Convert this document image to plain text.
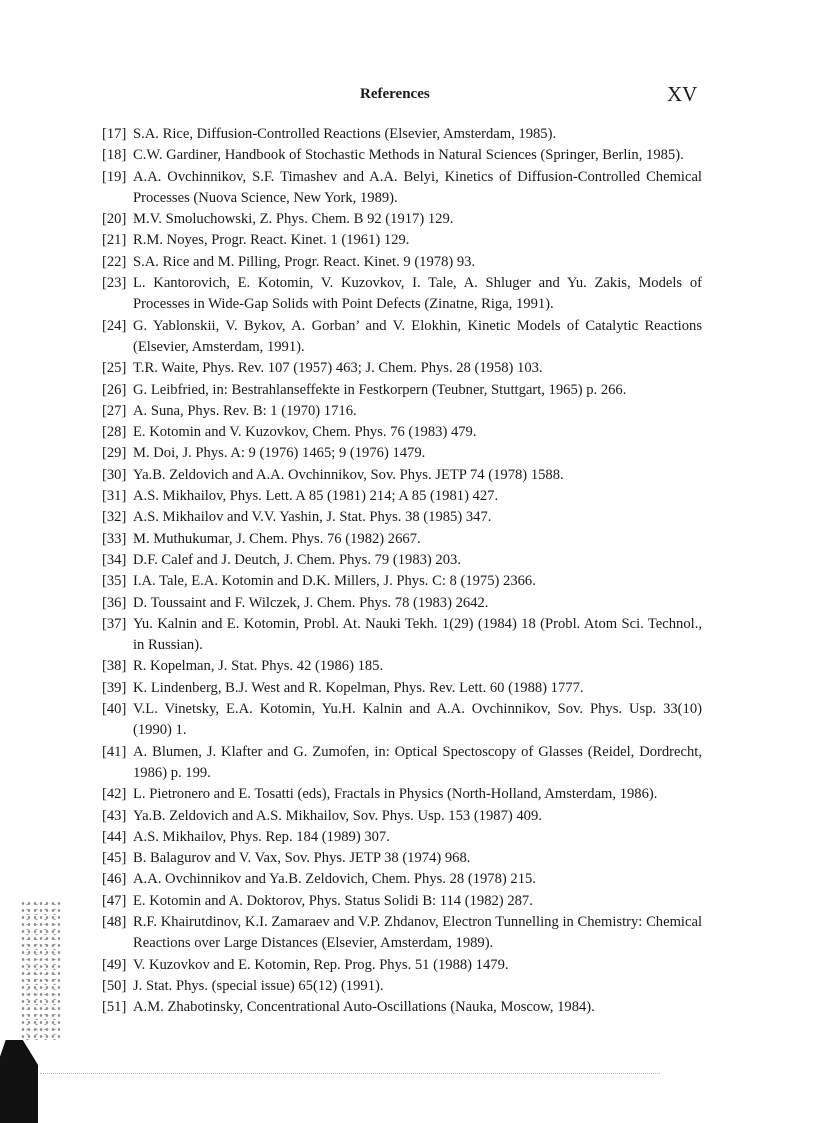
References	XV
[17] S.A. Rice, Diffusion-Controlled Reactions (Elsevier, Amsterdam, 1985).
[18] C.W. Gardiner, Handbook of Stochastic Methods in Natural Sciences (Springer, Berlin, 1985).
[19] A.A. Ovchinnikov, S.F. Timashev and A.A. Belyi, Kinetics of Diffusion-Controlled Chemical Processes (Nuova Science, New York, 1989).
[20] M.V. Smoluchowski, Z. Phys. Chem. B 92 (1917) 129.
[21] R.M. Noyes, Progr. React. Kinet. 1 (1961) 129.
[22] S.A. Rice and M. Pilling, Progr. React. Kinet. 9 (1978) 93.
[23] L. Kantorovich, E. Kotomin, V. Kuzovkov, I. Tale, A. Shluger and Yu. Zakis, Models of Processes in Wide-Gap Solids with Point Defects (Zinatne, Riga, 1991).
[24] G. Yablonskii, V. Bykov, A. Gorban’ and V. Elokhin, Kinetic Models of Catalytic Reactions (Elsevier, Amsterdam, 1991).
[25] T.R. Waite, Phys. Rev. 107 (1957) 463; J. Chem. Phys. 28 (1958) 103.
[26] G. Leibfried, in: Bestrahlanseffekte in Festkorpern (Teubner, Stuttgart, 1965) p. 266.
[27] A. Suna, Phys. Rev. B: 1 (1970) 1716.
[28] E. Kotomin and V. Kuzovkov, Chem. Phys. 76 (1983) 479.
[29] M. Doi, J. Phys. A: 9 (1976) 1465; 9 (1976) 1479.
[30] Ya.B. Zeldovich and A.A. Ovchinnikov, Sov. Phys. JETP 74 (1978) 1588.
[31] A.S. Mikhailov, Phys. Lett. A 85 (1981) 214; A 85 (1981) 427.
[32] A.S. Mikhailov and V.V. Yashin, J. Stat. Phys. 38 (1985) 347.
[33] M. Muthukumar, J. Chem. Phys. 76 (1982) 2667.
[34] D.F. Calef and J. Deutch, J. Chem. Phys. 79 (1983) 203.
[35] I.A. Tale, E.A. Kotomin and D.K. Millers, J. Phys. C: 8 (1975) 2366.
[36] D. Toussaint and F. Wilczek, J. Chem. Phys. 78 (1983) 2642.
[37] Yu. Kalnin and E. Kotomin, Probl. At. Nauki Tekh. 1(29) (1984) 18 (Probl. Atom Sci. Technol., in Russian).
[38] R. Kopelman, J. Stat. Phys. 42 (1986) 185.
[39] K. Lindenberg, B.J. West and R. Kopelman, Phys. Rev. Lett. 60 (1988) 1777.
[40] V.L. Vinetsky, E.A. Kotomin, Yu.H. Kalnin and A.A. Ovchinnikov, Sov. Phys. Usp. 33(10) (1990) 1.
[41] A. Blumen, J. Klafter and G. Zumofen, in: Optical Spectoscopy of Glasses (Reidel, Dordrecht, 1986) p. 199.
[42] L. Pietronero and E. Tosatti (eds), Fractals in Physics (North-Holland, Amsterdam, 1986).
[43] Ya.B. Zeldovich and A.S. Mikhailov, Sov. Phys. Usp. 153 (1987) 409.
[44] A.S. Mikhailov, Phys. Rep. 184 (1989) 307.
[45] B. Balagurov and V. Vax, Sov. Phys. JETP 38 (1974) 968.
[46] A.A. Ovchinnikov and Ya.B. Zeldovich, Chem. Phys. 28 (1978) 215.
[47] E. Kotomin and A. Doktorov, Phys. Status Solidi B: 114 (1982) 287.
[48] R.F. Khairutdinov, K.I. Zamaraev and V.P. Zhdanov, Electron Tunnelling in Chemistry: Chemical Reactions over Large Distances (Elsevier, Amsterdam, 1989).
[49] V. Kuzovkov and E. Kotomin, Rep. Prog. Phys. 51 (1988) 1479.
[50] J. Stat. Phys. (special issue) 65(12) (1991).
[51] A.M. Zhabotinsky, Concentrational Auto-Oscillations (Nauka, Moscow, 1984).
